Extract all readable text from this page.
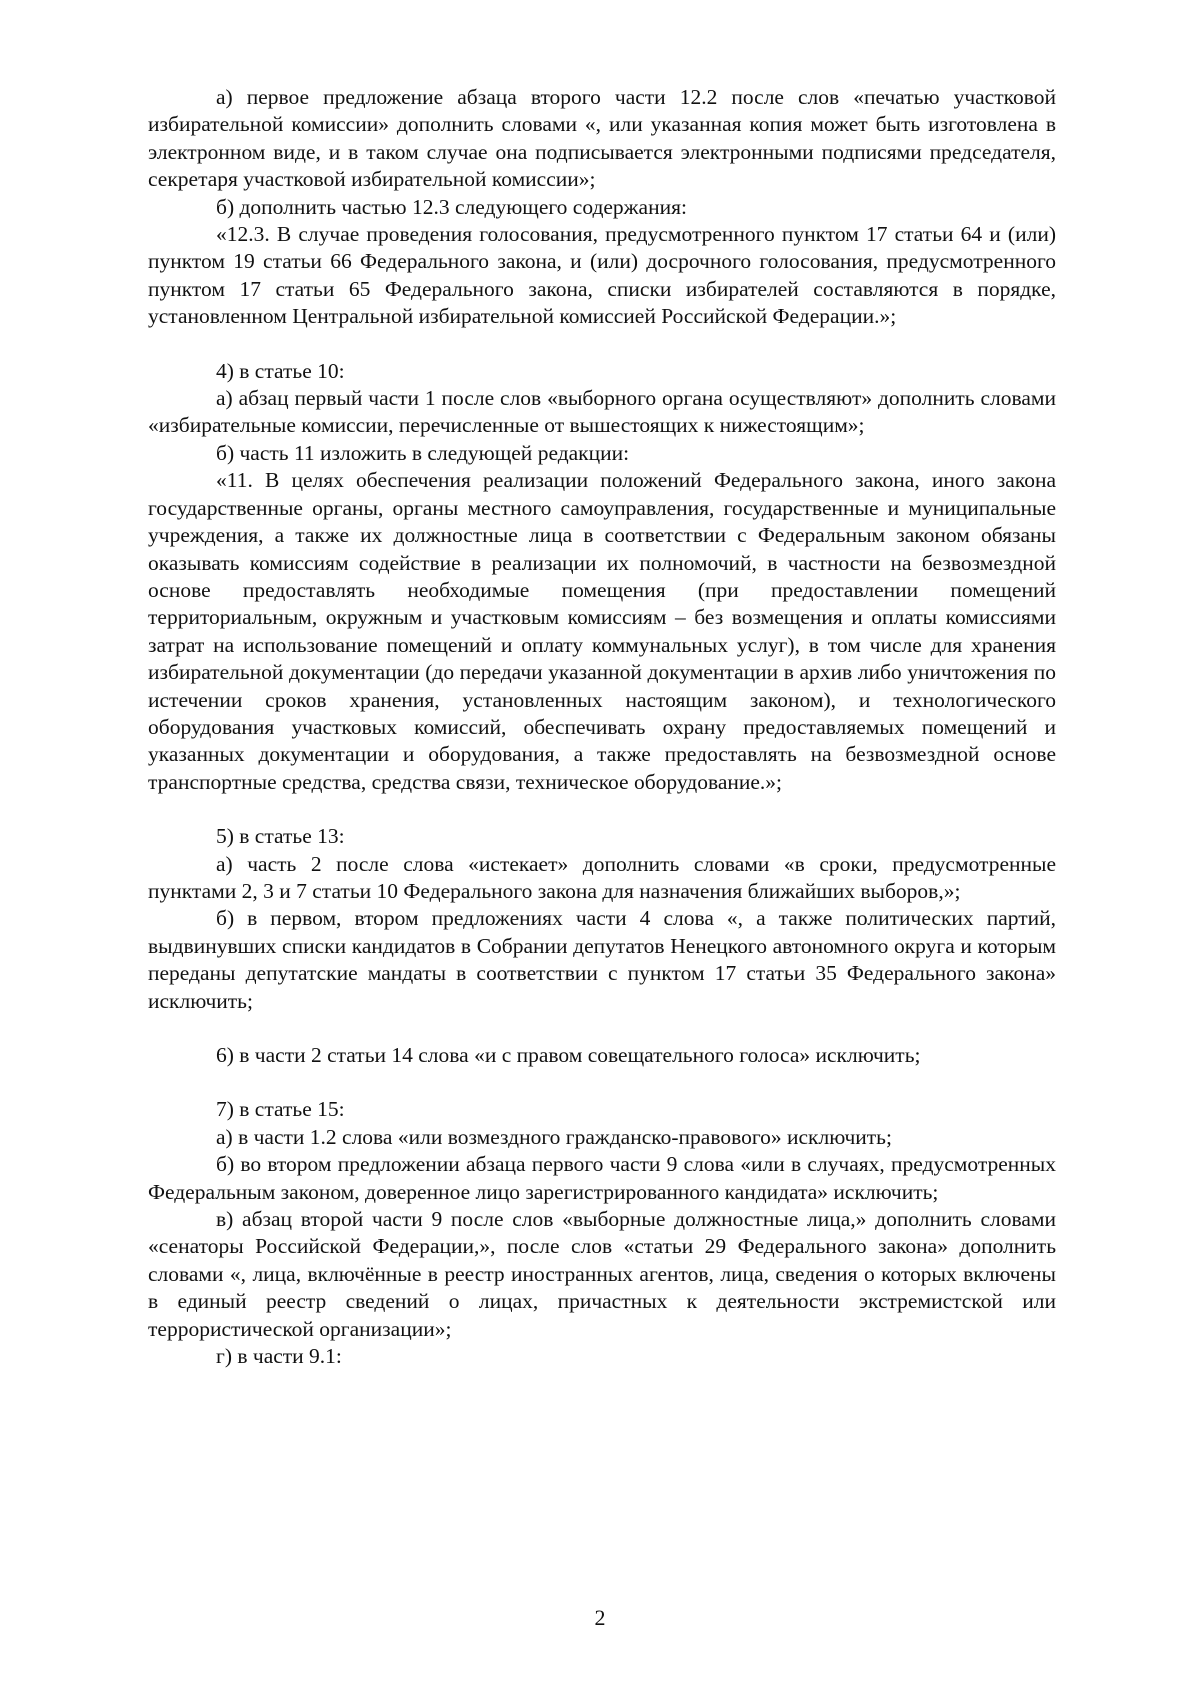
а) первое предложение абзаца второго части 12.2 после слов «печатью участковой избирательной комиссии» дополнить словами «, или указанная копия может быть изготовлена в электронном виде, и в таком случае она подписывается электронными подписями председателя, секретаря участковой избирательной комиссии»;

б) дополнить частью 12.3 следующего содержания:

«12.3. В случае проведения голосования, предусмотренного пунктом 17 статьи 64 и (или) пунктом 19 статьи 66 Федерального закона, и (или) досрочного голосования, предусмотренного пунктом 17 статьи 65 Федерального закона, списки избирателей составляются в порядке, установленном Центральной избирательной комиссией Российской Федерации.»;

4) в статье 10:

а) абзац первый части 1 после слов «выборного органа осуществляют» дополнить словами «избирательные комиссии, перечисленные от вышестоящих к нижестоящим»;

б) часть 11 изложить в следующей редакции:

«11. В целях обеспечения реализации положений Федерального закона, иного закона государственные органы, органы местного самоуправления, государственные и муниципальные учреждения, а также их должностные лица в соответствии с Федеральным законом обязаны оказывать комиссиям содействие в реализации их полномочий, в частности на безвозмездной основе предоставлять необходимые помещения (при предоставлении помещений территориальным, окружным и участковым комиссиям – без возмещения и оплаты комиссиями затрат на использование помещений и оплату коммунальных услуг), в том числе для хранения избирательной документации (до передачи указанной документации в архив либо уничтожения по истечении сроков хранения, установленных настоящим законом), и технологического оборудования участковых комиссий, обеспечивать охрану предоставляемых помещений и указанных документации и оборудования, а также предоставлять на безвозмездной основе транспортные средства, средства связи, техническое оборудование.»;

5) в статье 13:

а) часть 2 после слова «истекает» дополнить словами «в сроки, предусмотренные пунктами 2, 3 и 7 статьи 10 Федерального закона для назначения ближайших выборов,»;

б) в первом, втором предложениях части 4 слова «, а также политических партий, выдвинувших списки кандидатов в Собрании депутатов Ненецкого автономного округа и которым переданы депутатские мандаты в соответствии с пунктом 17 статьи 35 Федерального закона» исключить;

6) в части 2 статьи 14 слова «и с правом совещательного голоса» исключить;

7) в статье 15:

а) в части 1.2 слова «или возмездного гражданско-правового» исключить;

б) во втором предложении абзаца первого части 9 слова «или в случаях, предусмотренных Федеральным законом, доверенное лицо зарегистрированного кандидата» исключить;

в) абзац второй части 9 после слов «выборные должностные лица,» дополнить словами «сенаторы Российской Федерации,», после слов «статьи 29 Федерального закона» дополнить словами «, лица, включённые в реестр иностранных агентов, лица, сведения о которых включены в единый реестр сведений о лицах, причастных к деятельности экстремистской или террористической организации»;

г) в части 9.1:

2
